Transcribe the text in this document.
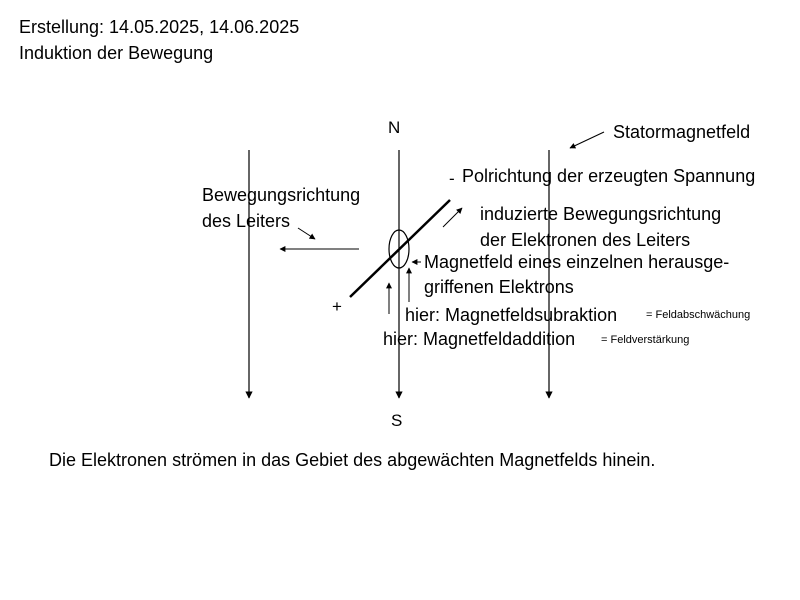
Erstellung: 14.05.2025, 14.06.2025
Induktion der Bewegung
N
S
Statormagnetfeld
Polrichtung der erzeugten Spannung
-
+
Bewegungsrichtung
des Leiters	induzierte Bewegungsrichtung
der Elektronen des Leiters
Magnetfeld eines einzelnen herausge-
griffenen Elektrons
hier: Magnetfeldsubraktion	= Feldabschwächung
hier: Magnetfeldaddition = Feldverstärkung
Die Elektronen strömen in das Gebiet des abgewächten Magnetfelds hinein.
